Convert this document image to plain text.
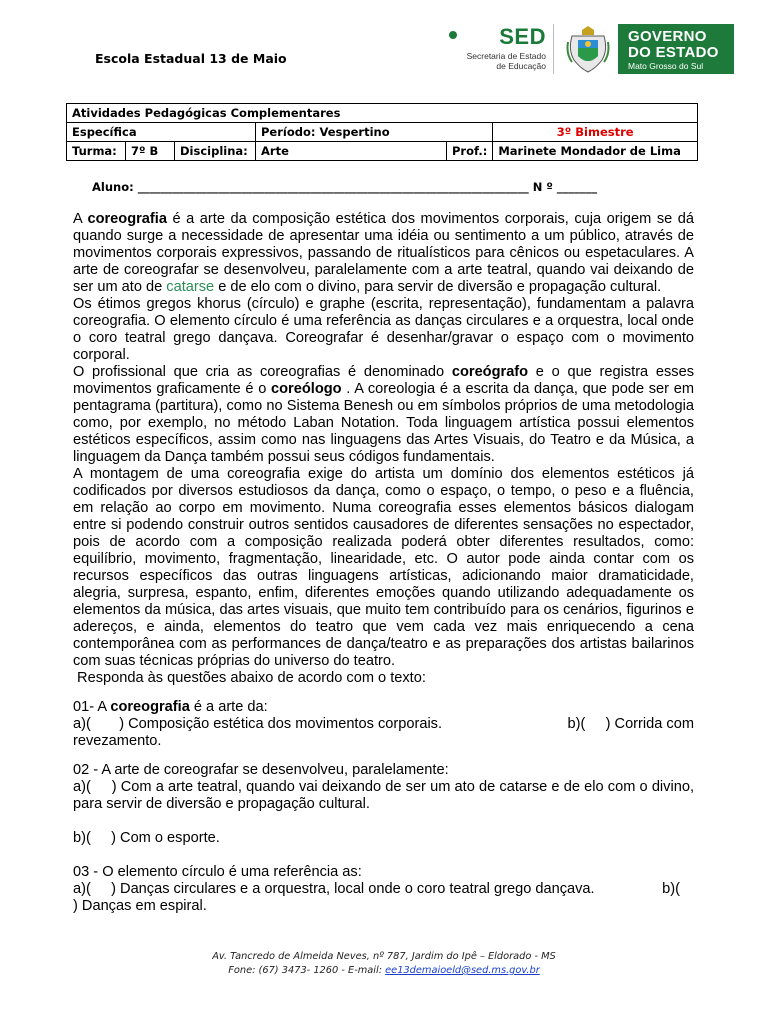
Escola Estadual 13 de Maio
SED
Secretaria de Estado
de Educação
GOVERNO
DO ESTADO
Mato Grosso do Sul
Atividades Pedagógicas Complementares					
Específica			Período: Vespertino		3º Bimestre
Turma:	7º B	Disciplina:	Arte	Prof.:	Marinete Mondador de Lima
Aluno: ____________________________________________________________________ N º _______

A coreografia é a arte da composição estética dos movimentos corporais, cuja origem se dá quando surge a necessidade de apresentar uma idéia ou sentimento a um público, através de movimentos corporais expressivos, passando de ritualísticos para cênicos ou espetaculares. A arte de coreografar se desenvolveu, paralelamente com a arte teatral, quando vai deixando de ser um ato de catarse e de elo com o divino, para servir de diversão e propagação cultural.

Os étimos gregos khorus (círculo) e graphe (escrita, representação), fundamentam a palavra coreografia. O elemento círculo é uma referência as danças circulares e a orquestra, local onde o coro teatral grego dançava. Coreografar é desenhar/gravar o espaço com o movimento corporal.

O profissional que cria as coreografias é denominado coreógrafo e o que registra esses movimentos graficamente é o coreólogo . A coreologia é a escrita da dança, que pode ser em pentagrama (partitura), como no Sistema Benesh ou em símbolos próprios de uma metodologia como, por exemplo, no método Laban Notation. Toda linguagem artística possui elementos estéticos específicos, assim como nas linguagens das Artes Visuais, do Teatro e da Música, a linguagem da Dança também possui seus códigos fundamentais.

A montagem de uma coreografia exige do artista um domínio dos elementos estéticos já codificados por diversos estudiosos da dança, como o espaço, o tempo, o peso e a fluência, em relação ao corpo em movimento. Numa coreografia esses elementos básicos dialogam entre si podendo construir outros sentidos causadores de diferentes sensações no espectador, pois de acordo com a composição realizada poderá obter diferentes resultados, como: equilíbrio, movimento, fragmentação, linearidade, etc. O autor pode ainda contar com os recursos específicos das outras linguagens artísticas, adicionando maior dramaticidade, alegria, surpresa, espanto, enfim, diferentes emoções quando utilizando adequadamente os elementos da música, das artes visuais, que muito tem contribuído para os cenários, figurinos e adereços, e ainda, elementos do teatro que vem cada vez mais enriquecendo a cena contemporânea com as performances de dança/teatro e as preparações dos artistas bailarinos com suas técnicas próprias do universo do teatro.

Responda às questões abaixo de acordo com o texto:

01- A coreografia é a arte da:

a)(       ) Composição estética dos movimentos corporais.	b)(     ) Corrida com

revezamento.

02 - A arte de coreografar se desenvolveu, paralelamente:

a)(     ) Com a arte teatral, quando vai deixando de ser um ato de catarse e de elo com o divino, para servir de diversão e propagação cultural.

b)(     ) Com o esporte.

03 - O elemento círculo é uma referência as:

a)(     ) Danças circulares e a orquestra, local onde o coro teatral grego dançava.	b)(

) Danças em espiral.

Av. Tancredo de Almeida Neves, nº 787, Jardim do Ipê – Eldorado - MS
Fone: (67) 3473- 1260 - E-mail: ee13demaioeld@sed.ms.gov.br
